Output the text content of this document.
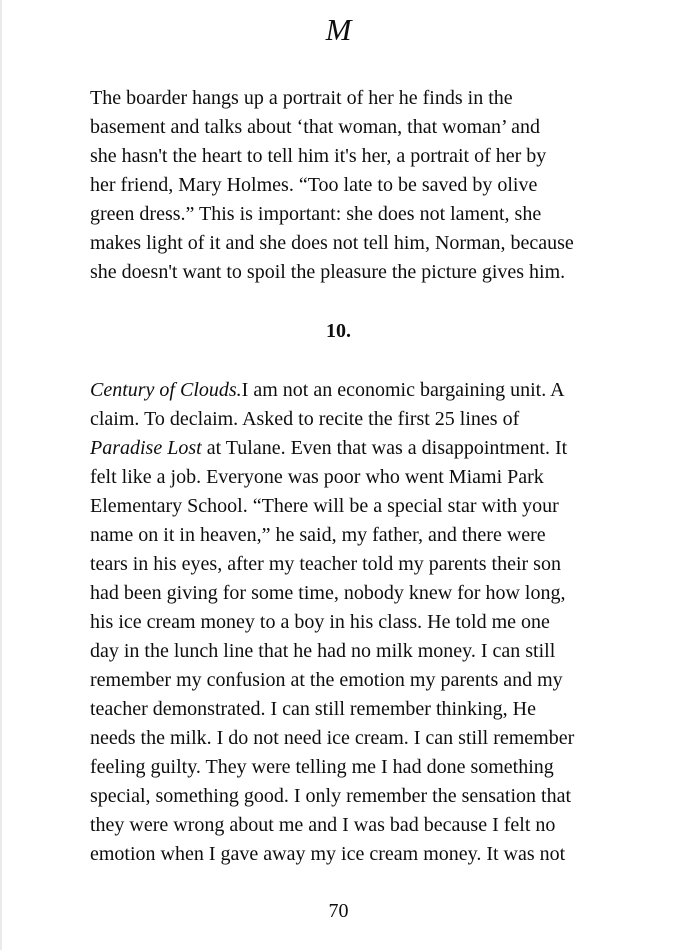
M
The boarder hangs up a portrait of her he finds in the
basement and talks about ‘that woman, that woman’ and
she hasn't the heart to tell him it's her, a portrait of her by
her friend, Mary Holmes. “Too late to be saved by olive
green dress.” This is important: she does not lament, she
makes light of it and she does not tell him, Norman, because
she doesn't want to spoil the pleasure the picture gives him.
10.
Century of Clouds.I am not an economic bargaining unit. A
claim. To declaim. Asked to recite the first 25 lines of
Paradise Lost at Tulane. Even that was a disappointment. It
felt like a job. Everyone was poor who went Miami Park
Elementary School. “There will be a special star with your
name on it in heaven,” he said, my father, and there were
tears in his eyes, after my teacher told my parents their son
had been giving for some time, nobody knew for how long,
his ice cream money to a boy in his class. He told me one
day in the lunch line that he had no milk money. I can still
remember my confusion at the emotion my parents and my
teacher demonstrated. I can still remember thinking, He
needs the milk. I do not need ice cream. I can still remember
feeling guilty. They were telling me I had done something
special, something good. I only remember the sensation that
they were wrong about me and I was bad because I felt no
emotion when I gave away my ice cream money. It was not
70
